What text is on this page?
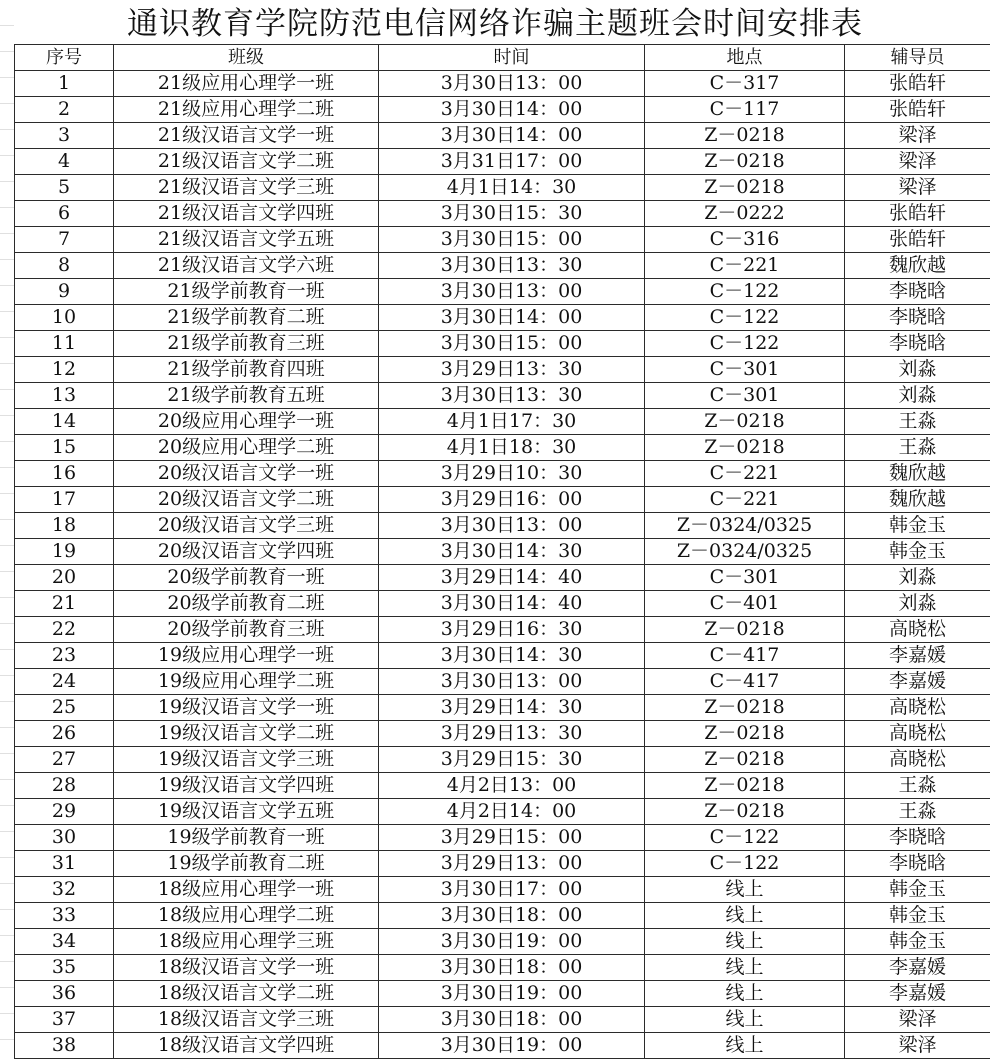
通识教育学院防范电信网络诈骗主题班会时间安排表
序号	班级	时间	地点	辅导员
1	21级应用心理学一班	3月30日13：00	C－317	张皓轩
2	21级应用心理学二班	3月30日14：00	C－117	张皓轩
3	21级汉语言文学一班	3月30日14：00	Z－0218	梁泽
4	21级汉语言文学二班	3月31日17：00	Z－0218	梁泽
5	21级汉语言文学三班	4月1日14：30	Z－0218	梁泽
6	21级汉语言文学四班	3月30日15：30	Z－0222	张皓轩
7	21级汉语言文学五班	3月30日15：00	C－316	张皓轩
8	21级汉语言文学六班	3月30日13：30	C－221	魏欣越
9	21级学前教育一班	3月30日13：00	C－122	李晓晗
10	21级学前教育二班	3月30日14：00	C－122	李晓晗
11	21级学前教育三班	3月30日15：00	C－122	李晓晗
12	21级学前教育四班	3月29日13：30	C－301	刘淼
13	21级学前教育五班	3月30日13：30	C－301	刘淼
14	20级应用心理学一班	4月1日17：30	Z－0218	王淼
15	20级应用心理学二班	4月1日18：30	Z－0218	王淼
16	20级汉语言文学一班	3月29日10：30	C－221	魏欣越
17	20级汉语言文学二班	3月29日16：00	C－221	魏欣越
18	20级汉语言文学三班	3月30日13：00	Z－0324/0325	韩金玉
19	20级汉语言文学四班	3月30日14：30	Z－0324/0325	韩金玉
20	20级学前教育一班	3月29日14：40	C－301	刘淼
21	20级学前教育二班	3月30日14：40	C－401	刘淼
22	20级学前教育三班	3月29日16：30	Z－0218	高晓松
23	19级应用心理学一班	3月30日14：30	C－417	李嘉媛
24	19级应用心理学二班	3月30日13：00	C－417	李嘉媛
25	19级汉语言文学一班	3月29日14：30	Z－0218	高晓松
26	19级汉语言文学二班	3月29日13：30	Z－0218	高晓松
27	19级汉语言文学三班	3月29日15：30	Z－0218	高晓松
28	19级汉语言文学四班	4月2日13：00	Z－0218	王淼
29	19级汉语言文学五班	4月2日14：00	Z－0218	王淼
30	19级学前教育一班	3月29日15：00	C－122	李晓晗
31	19级学前教育二班	3月29日13：00	C－122	李晓晗
32	18级应用心理学一班	3月30日17：00	线上	韩金玉
33	18级应用心理学二班	3月30日18：00	线上	韩金玉
34	18级应用心理学三班	3月30日19：00	线上	韩金玉
35	18级汉语言文学一班	3月30日18：00	线上	李嘉媛
36	18级汉语言文学二班	3月30日19：00	线上	李嘉媛
37	18级汉语言文学三班	3月30日18：00	线上	梁泽
38	18级汉语言文学四班	3月30日19：00	线上	梁泽
